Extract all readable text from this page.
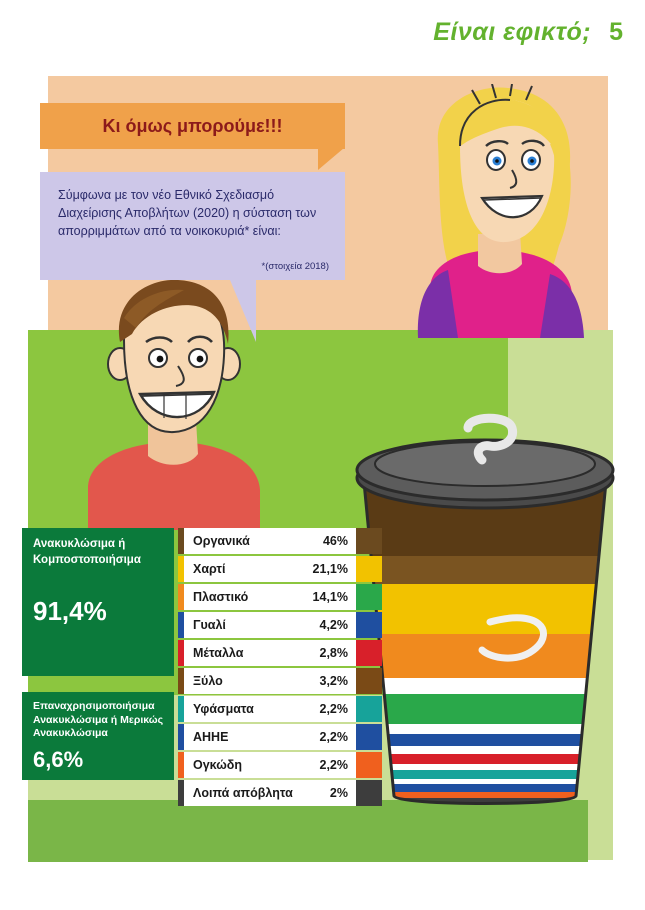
Είναι εφικτό; 5
Κι όμως μπορούμε!!!

Σύμφωνα με τον νέο Εθνικό Σχεδιασμό Διαχείρισης Αποβλήτων (2020) η σύσταση των απορριμμάτων από τα νοικοκυριά* είναι:

*(στοιχεία 2018)
Ανακυκλώσιμα ή Κομποστοποιήσιμα
91,4%
Επαναχρησιμοποιήσιμα Ανακυκλώσιμα ή Μερικώς Ανακυκλώσιμα
6,6%
Οργανικά	46%
Χαρτί	21,1%
Πλαστικό	14,1%
Γυαλί	4,2%
Μέταλλα	2,8%
Ξύλο	3,2%
Υφάσματα	2,2%
ΑΗΗΕ	2,2%
Ογκώδη	2,2%
Λοιπά απόβλητα	2%
